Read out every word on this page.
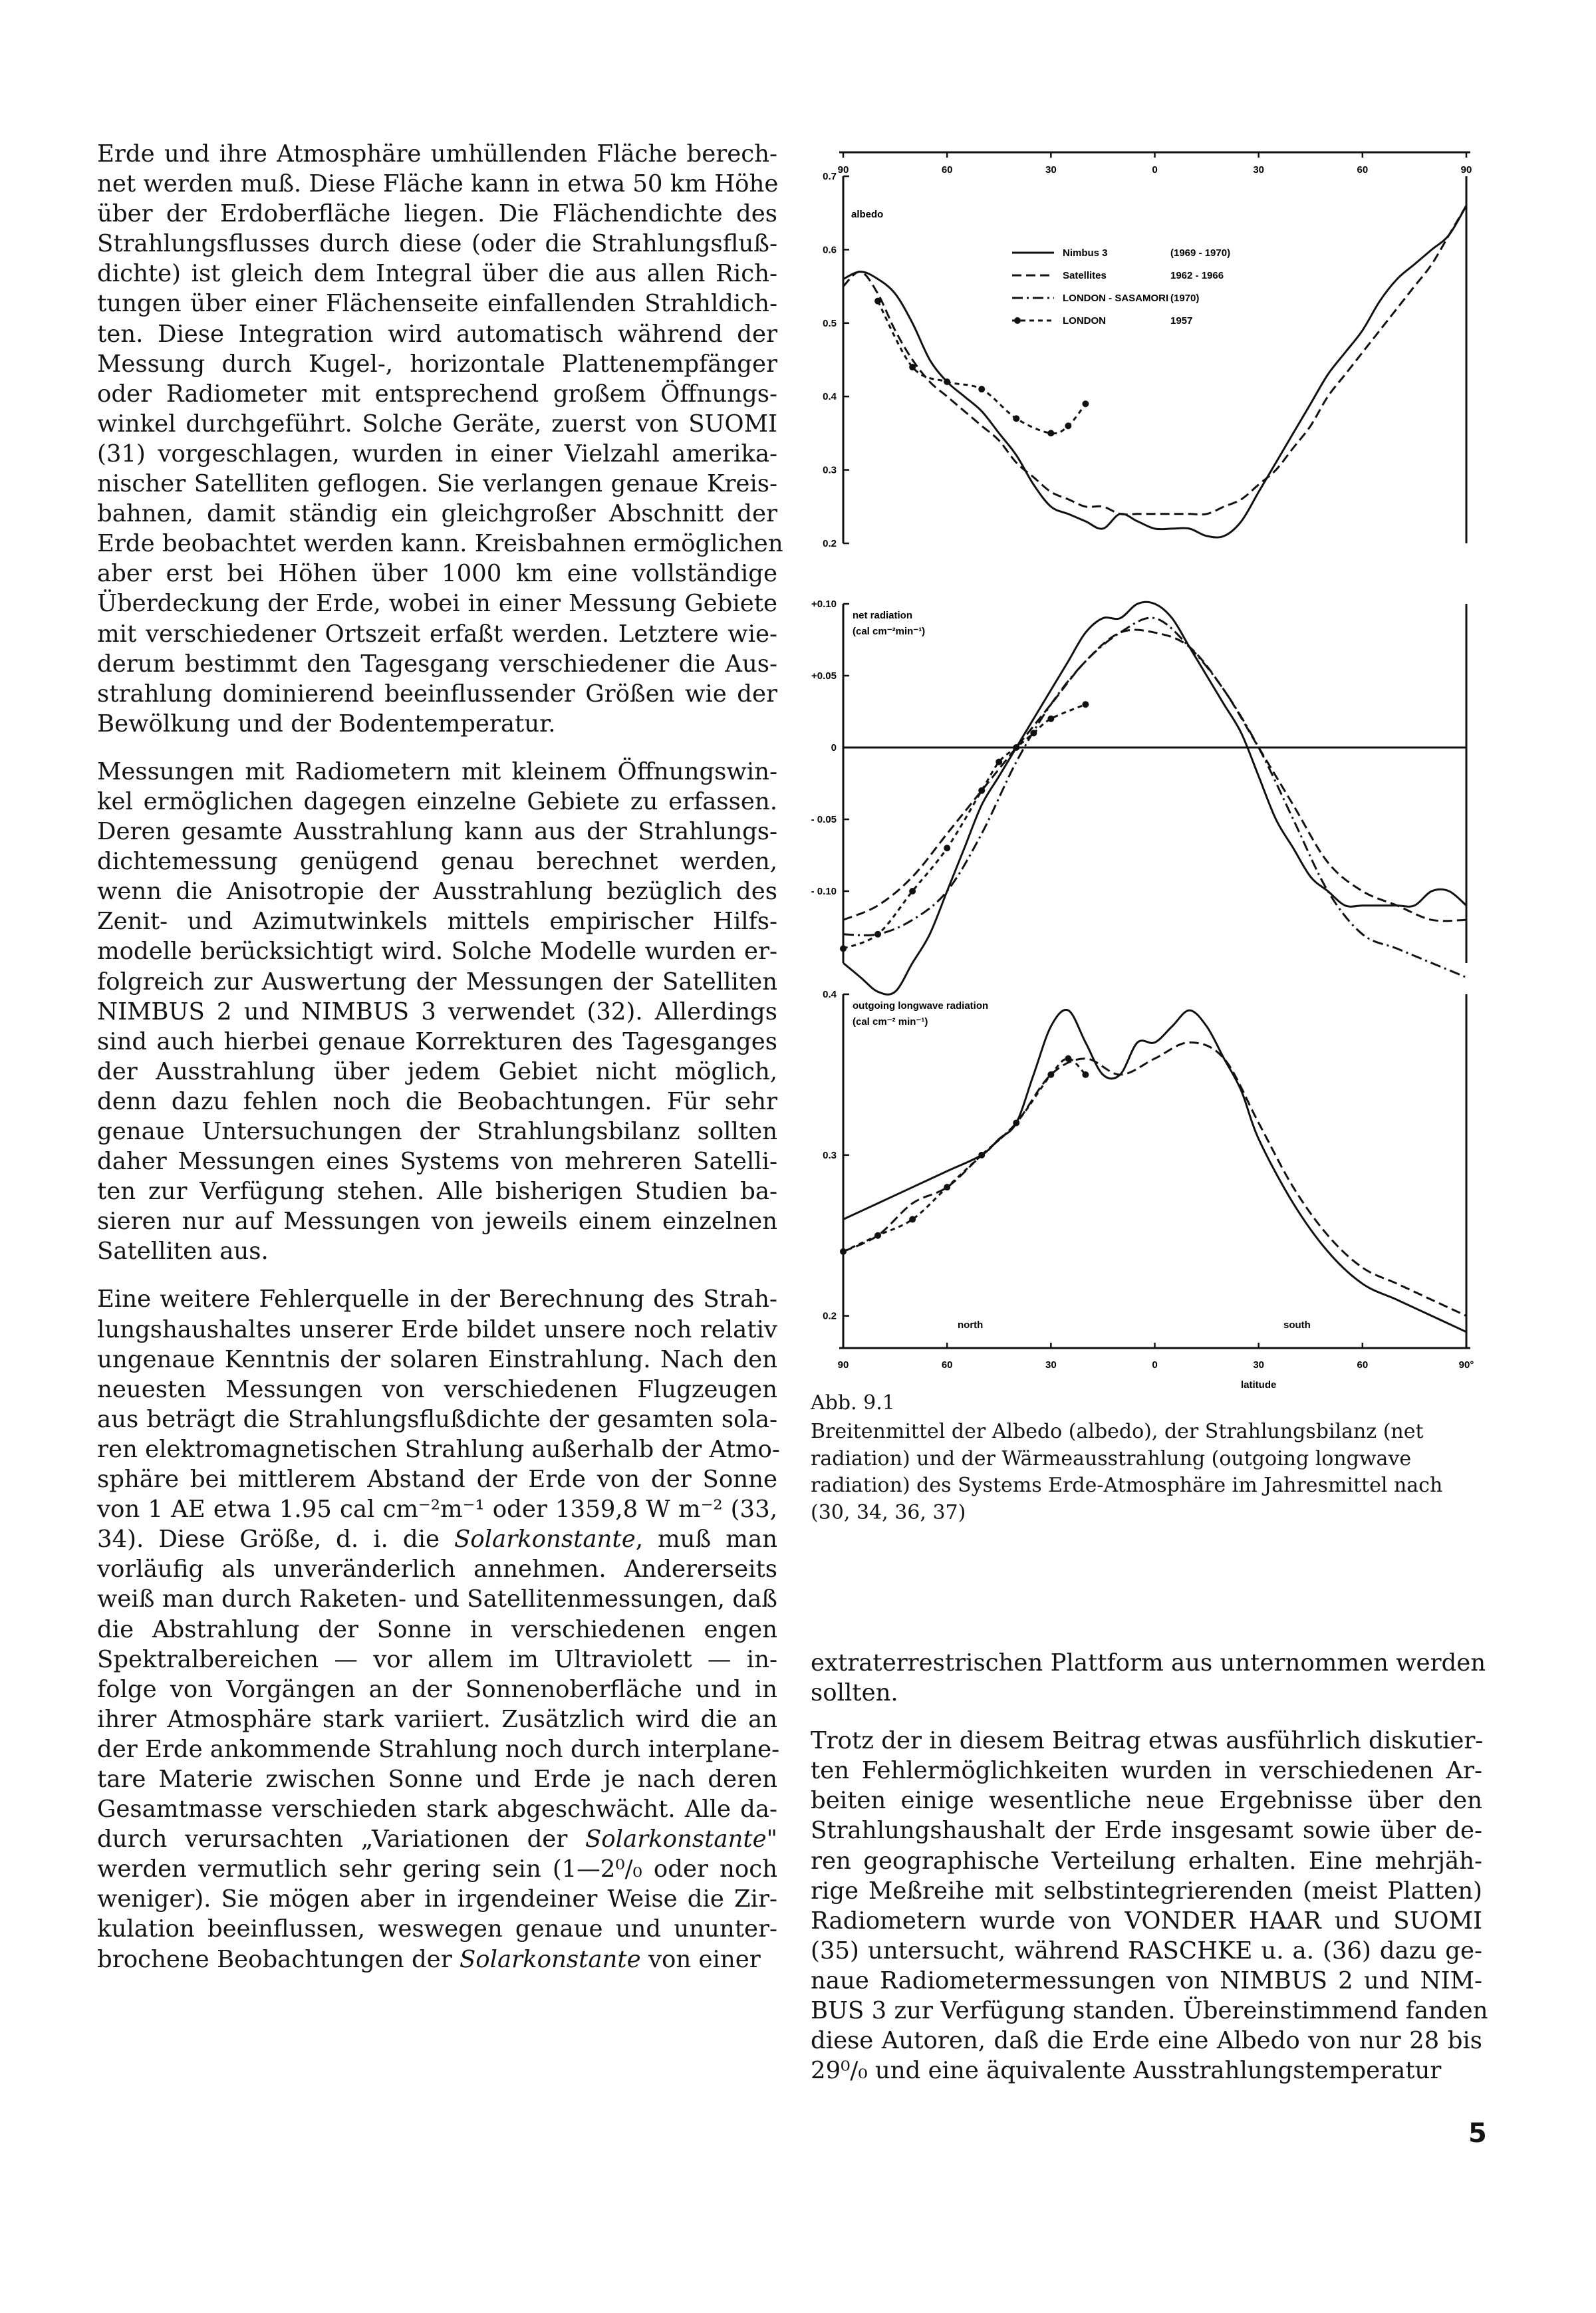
Erde und ihre Atmosphäre umhüllenden Fläche berech-
net werden muß. Diese Fläche kann in etwa 50 km Höhe
über der Erdoberfläche liegen. Die Flächendichte des
Strahlungsflusses durch diese (oder die Strahlungsfluß-
dichte) ist gleich dem Integral über die aus allen Rich-
tungen über einer Flächenseite einfallenden Strahldich-
ten. Diese Integration wird automatisch während der
Messung durch Kugel-, horizontale Plattenempfänger
oder Radiometer mit entsprechend großem Öffnungs-
winkel durchgeführt. Solche Geräte, zuerst von SUOMI
(31) vorgeschlagen, wurden in einer Vielzahl amerika-
nischer Satelliten geflogen. Sie verlangen genaue Kreis-
bahnen, damit ständig ein gleichgroßer Abschnitt der
Erde beobachtet werden kann. Kreisbahnen ermöglichen
aber erst bei Höhen über 1000 km eine vollständige
Überdeckung der Erde, wobei in einer Messung Gebiete
mit verschiedener Ortszeit erfaßt werden. Letztere wie-
derum bestimmt den Tagesgang verschiedener die Aus-
strahlung dominierend beeinflussender Größen wie der
Bewölkung und der Bodentemperatur.

Messungen mit Radiometern mit kleinem Öffnungswin-
kel ermöglichen dagegen einzelne Gebiete zu erfassen.
Deren gesamte Ausstrahlung kann aus der Strahlungs-
dichtemessung genügend genau berechnet werden,
wenn die Anisotropie der Ausstrahlung bezüglich des
Zenit- und Azimutwinkels mittels empirischer Hilfs-
modelle berücksichtigt wird. Solche Modelle wurden er-
folgreich zur Auswertung der Messungen der Satelliten
NIMBUS 2 und NIMBUS 3 verwendet (32). Allerdings
sind auch hierbei genaue Korrekturen des Tagesganges
der Ausstrahlung über jedem Gebiet nicht möglich,
denn dazu fehlen noch die Beobachtungen. Für sehr
genaue Untersuchungen der Strahlungsbilanz sollten
daher Messungen eines Systems von mehreren Satelli-
ten zur Verfügung stehen. Alle bisherigen Studien ba-
sieren nur auf Messungen von jeweils einem einzelnen
Satelliten aus.

Eine weitere Fehlerquelle in der Berechnung des Strah-
lungshaushaltes unserer Erde bildet unsere noch relativ
ungenaue Kenntnis der solaren Einstrahlung. Nach den
neuesten Messungen von verschiedenen Flugzeugen
aus beträgt die Strahlungsflußdichte der gesamten sola-
ren elektromagnetischen Strahlung außerhalb der Atmo-
sphäre bei mittlerem Abstand der Erde von der Sonne
von 1 AE etwa 1.95 cal cm⁻²m⁻¹ oder 1359,8 W m⁻² (33,
34). Diese Größe, d. i. die Solarkonstante, muß man
vorläufig als unveränderlich annehmen. Andererseits
weiß man durch Raketen- und Satellitenmessungen, daß
die Abstrahlung der Sonne in verschiedenen engen
Spektralbereichen — vor allem im Ultraviolett — in-
folge von Vorgängen an der Sonnenoberfläche und in
ihrer Atmosphäre stark variiert. Zusätzlich wird die an
der Erde ankommende Strahlung noch durch interplane-
tare Materie zwischen Sonne und Erde je nach deren
Gesamtmasse verschieden stark abgeschwächt. Alle da-
durch verursachten „Variationen der Solarkonstante"
werden vermutlich sehr gering sein (1—2⁰/₀ oder noch
weniger). Sie mögen aber in irgendeiner Weise die Zir-
kulation beeinflussen, weswegen genaue und ununter-
brochene Beobachtungen der Solarkonstante von einer

0.7
0.6
0.5
0.4
0.3
0.2
90	60	30	0	30	60	90
albedo
Nimbus 3	(1969 - 1970)
Satellites	1962 - 1966
LONDON - SASAMORI (1970)
LONDON	1957
+0.10
+0.05
0
- 0.05
- 0.10
net radiation
(cal cm⁻²min⁻¹)
0.4
0.3
0.2
outgoing longwave radiation
(cal cm⁻² min⁻¹)
90	60	30	0	30	60	90°
latitude
north	south
Abb. 9.1
Breitenmittel der Albedo (albedo), der Strahlungsbilanz (net radiation) und der Wärmeausstrahlung (outgoing longwave radiation) des Systems Erde-Atmosphäre im Jahresmittel nach (30, 34, 36, 37)

extraterrestrischen Plattform aus unternommen werden
sollten.

Trotz der in diesem Beitrag etwas ausführlich diskutier-
ten Fehlermöglichkeiten wurden in verschiedenen Ar-
beiten einige wesentliche neue Ergebnisse über den
Strahlungshaushalt der Erde insgesamt sowie über de-
ren geographische Verteilung erhalten. Eine mehrjäh-
rige Meßreihe mit selbstintegrierenden (meist Platten)
Radiometern wurde von VONDER HAAR und SUOMI
(35) untersucht, während RASCHKE u. a. (36) dazu ge-
naue Radiometermessungen von NIMBUS 2 und NIM-
BUS 3 zur Verfügung standen. Übereinstimmend fanden
diese Autoren, daß die Erde eine Albedo von nur 28 bis
29⁰/₀ und eine äquivalente Ausstrahlungstemperatur

5
